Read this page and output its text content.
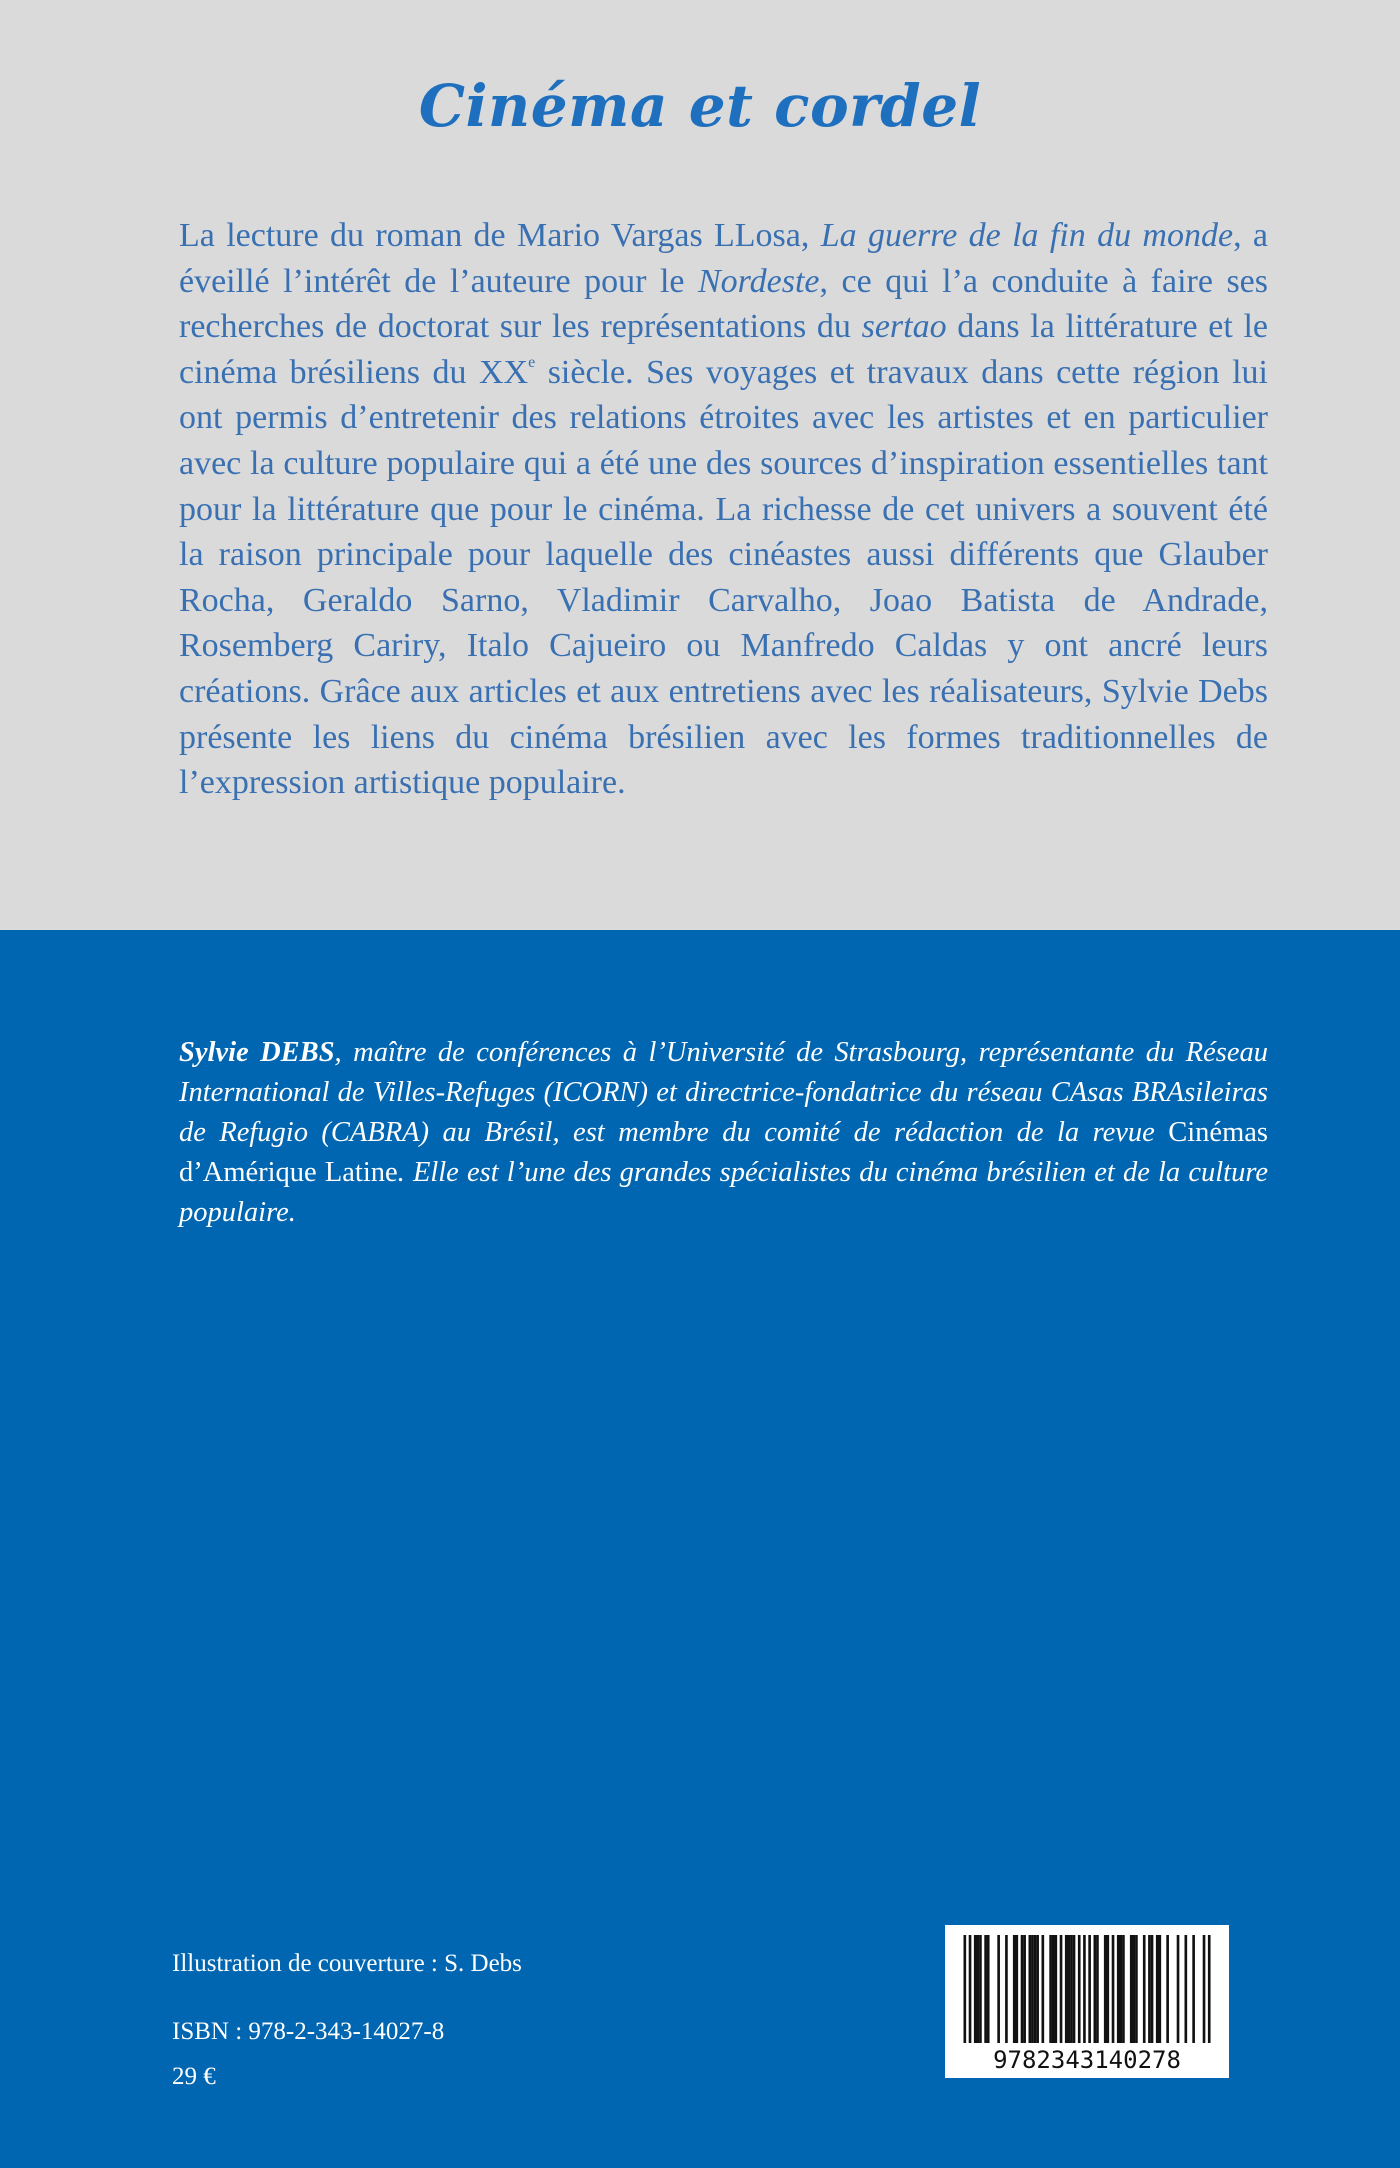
Cinéma et cordel

La lecture du roman de Mario Vargas LLosa, La guerre de la fin du monde, a éveillé l’intérêt de l’auteure pour le Nordeste, ce qui l’a conduite à faire ses recherches de doctorat sur les représentations du sertao dans la littérature et le cinéma brésiliens du XXe siècle. Ses voyages et travaux dans cette région lui ont permis d’entretenir des relations étroites avec les artistes et en particulier avec la culture populaire qui a été une des sources d’inspiration essentielles tant pour la littérature que pour le cinéma. La richesse de cet univers a souvent été la raison principale pour laquelle des cinéastes aussi différents que Glauber Rocha, Geraldo Sarno, Vladimir Carvalho, Joao Batista de Andrade, Rosemberg Cariry, Italo Cajueiro ou Manfredo Caldas y ont ancré leurs créations. Grâce aux articles et aux entretiens avec les réalisateurs, Sylvie Debs présente les liens du cinéma brésilien avec les formes traditionnelles de l’expression artistique populaire.

Sylvie DEBS, maître de conférences à l’Université de Strasbourg, représentante du Réseau International de Villes-Refuges (ICORN) et directrice-fondatrice du réseau CAsas BRAsileiras de Refugio (CABRA) au Brésil, est membre du comité de rédaction de la revue Cinémas d’Amérique Latine. Elle est l’une des grandes spécialistes du cinéma brésilien et de la culture populaire.

Illustration de couverture : S. Debs

ISBN : 978-2-343-14027-8

29 €

9782343140278
